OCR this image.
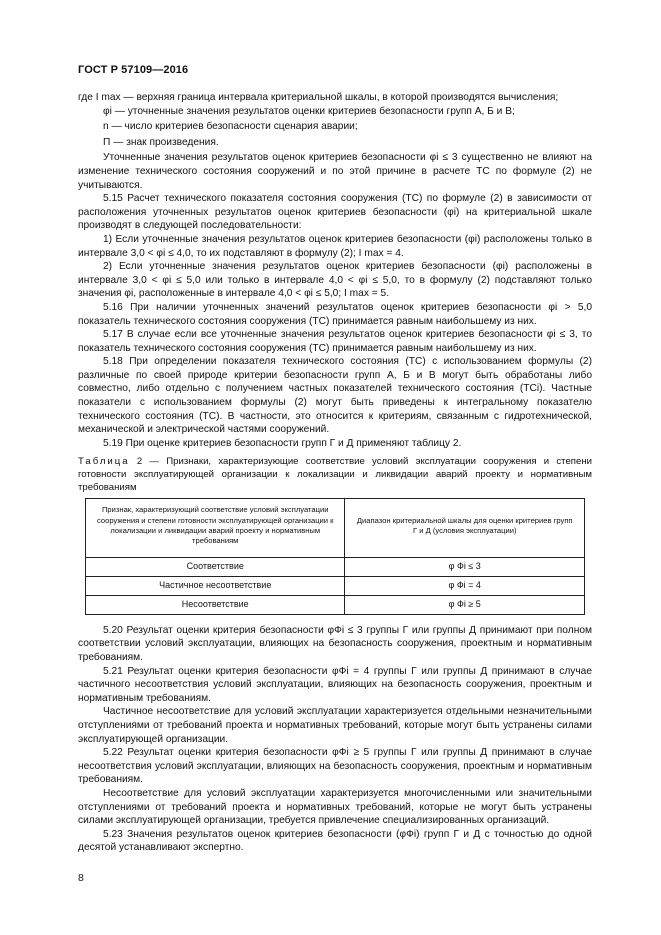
ГОСТ Р 57109—2016

где I max — верхняя граница интервала критериальной шкалы, в которой производятся вычисления;

φi — уточненные значения результатов оценки критериев безопасности групп А, Б и В;

n — число критериев безопасности сценария аварии;

Π — знак произведения.

Уточненные значения результатов оценок критериев безопасности φi ≤ 3 существенно не влияют на изменение технического состояния сооружений и по этой причине в расчете ТС по формуле (2) не учитываются.

5.15 Расчет технического показателя состояния сооружения (ТС) по формуле (2) в зависимости от расположения уточненных результатов оценок критериев безопасности (φi) на критериальной шкале производят в следующей последовательности:

1) Если уточненные значения результатов оценок критериев безопасности (φi) расположены только в интервале 3,0 < φi ≤ 4,0, то их подставляют в формулу (2); I max = 4.

2) Если уточненные значения результатов оценок критериев безопасности (φi) расположены в интервале 3,0 < φi ≤ 5,0 или только в интервале 4,0 < φi ≤ 5,0, то в формулу (2) подставляют только значения φi, расположенные в интервале 4,0 < φi ≤ 5,0; I max = 5.

5.16 При наличии уточненных значений результатов оценок критериев безопасности φi > 5,0 показатель технического состояния сооружения (ТС) принимается равным наибольшему из них.

5.17 В случае если все уточненные значения результатов оценок критериев безопасности φi ≤ 3, то показатель технического состояния сооружения (ТС) принимается равным наибольшему из них.

5.18 При определении показателя технического состояния (ТС) с использованием формулы (2) различные по своей природе критерии безопасности групп А, Б и В могут быть обработаны либо совместно, либо отдельно с получением частных показателей технического состояния (ТСi). Частные показатели с использованием формулы (2) могут быть приведены к интегральному показателю технического состояния (ТС). В частности, это относится к критериям, связанным с гидротехнической, механической и электрической частями сооружений.

5.19 При оценке критериев безопасности групп Г и Д применяют таблицу 2.

Таблица 2 — Признаки, характеризующие соответствие условий эксплуатации сооружения и степени готовности эксплуатирующей организации к локализации и ликвидации аварий проекту и нормативным требованиям

Признак, характеризующий соответствие условий эксплуатации сооружения и степени готовности эксплуатирующей организации к локализации и ликвидации аварий проекту и нормативным требованиям	Диапазон критериальной шкалы для оценки критериев групп Г и Д (условия эксплуатации)
Соответствие	φ Фi ≤ 3
Частичное несоответствие	φ Фi = 4
Несоответствие	φ Фi ≥ 5

5.20 Результат оценки критерия безопасности φФi ≤ 3 группы Г или группы Д принимают при полном соответствии условий эксплуатации, влияющих на безопасность сооружения, проектным и нормативным требованиям.

5.21 Результат оценки критерия безопасности φФi = 4 группы Г или группы Д принимают в случае частичного несоответствия условий эксплуатации, влияющих на безопасность сооружения, проектным и нормативным требованиям.

Частичное несоответствие для условий эксплуатации характеризуется отдельными незначительными отступлениями от требований проекта и нормативных требований, которые могут быть устранены силами эксплуатирующей организации.

5.22 Результат оценки критерия безопасности φФi ≥ 5 группы Г или группы Д принимают в случае несоответствия условий эксплуатации, влияющих на безопасность сооружения, проектным и нормативным требованиям.

Несоответствие для условий эксплуатации характеризуется многочисленными или значительными отступлениями от требований проекта и нормативных требований, которые не могут быть устранены силами эксплуатирующей организации, требуется привлечение специализированных организаций.

5.23 Значения результатов оценок критериев безопасности (φФi) групп Г и Д с точностью до одной десятой устанавливают экспертно.

8
